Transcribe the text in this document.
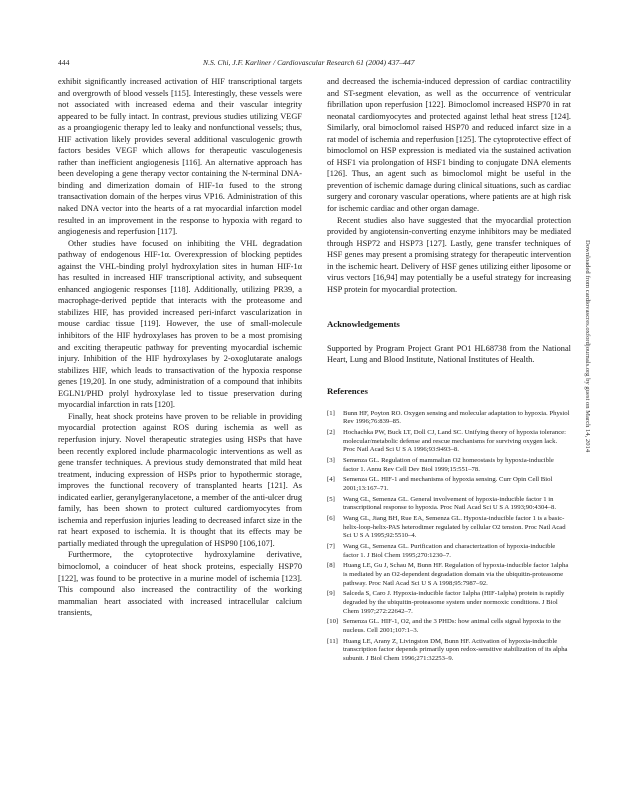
444	N.S. Chi, J.F. Karliner / Cardiovascular Research 61 (2004) 437–447

exhibit significantly increased activation of HIF transcriptional targets and overgrowth of blood vessels [115]. Interestingly, these vessels were not associated with increased edema and their vascular integrity appeared to be fully intact. In contrast, previous studies utilizing VEGF as a proangiogenic therapy led to leaky and nonfunctional vessels; thus, HIF activation likely provides several additional vasculogenic growth factors besides VEGF which allows for therapeutic vasculogenesis rather than inefficient angiogenesis [116]. An alternative approach has been developing a gene therapy vector containing the N-terminal DNA-binding and dimerization domain of HIF-1α fused to the strong transactivation domain of the herpes virus VP16. Administration of this naked DNA vector into the hearts of a rat myocardial infarction model resulted in an improvement in the response to hypoxia with regard to angiogenesis and reperfusion [117].

Other studies have focused on inhibiting the VHL degradation pathway of endogenous HIF-1α. Overexpression of blocking peptides against the VHL-binding prolyl hydroxylation sites in human HIF-1α has resulted in increased HIF transcriptional activity, and subsequent enhanced angiogenic responses [118]. Additionally, utilizing PR39, a macrophage-derived peptide that interacts with the proteasome and stabilizes HIF, has provided increased peri-infarct vascularization in mouse cardiac tissue [119]. However, the use of small-molecule inhibitors of the HIF hydroxylases has proven to be a most promising and exciting therapeutic pathway for preventing myocardial ischemic injury. Inhibition of the HIF hydroxylases by 2-oxoglutarate analogs stabilizes HIF, which leads to transactivation of the hypoxia response genes [19,20]. In one study, administration of a compound that inhibits EGLN1/PHD prolyl hydroxylase led to tissue preservation during myocardial infarction in rats [120].

Finally, heat shock proteins have proven to be reliable in providing myocardial protection against ROS during ischemia as well as reperfusion injury. Novel therapeutic strategies using HSPs that have been recently explored include pharmacologic interventions as well as gene transfer techniques. A previous study demonstrated that mild heat treatment, inducing expression of HSPs prior to hypothermic storage, improves the functional recovery of transplanted hearts [121]. As indicated earlier, geranylgeranylacetone, a member of the anti-ulcer drug family, has been shown to protect cultured cardiomyocytes from ischemia and reperfusion injuries leading to decreased infarct size in the rat heart exposed to ischemia. It is thought that its effects may be partially mediated through the upregulation of HSP90 [106,107].

Furthermore, the cytoprotective hydroxylamine derivative, bimoclomol, a coinducer of heat shock proteins, especially HSP70 [122], was found to be protective in a murine model of ischemia [123]. This compound also increased the contractility of the working mammalian heart associated with increased intracellular calcium transients,

and decreased the ischemia-induced depression of cardiac contractility and ST-segment elevation, as well as the occurrence of ventricular fibrillation upon reperfusion [122]. Bimoclomol increased HSP70 in rat neonatal cardiomyocytes and protected against lethal heat stress [124]. Similarly, oral bimoclomol raised HSP70 and reduced infarct size in a rat model of ischemia and reperfusion [125]. The cytoprotective effect of bimoclomol on HSP expression is mediated via the sustained activation of HSF1 via prolongation of HSF1 binding to conjugate DNA elements [126]. Thus, an agent such as bimoclomol might be useful in the prevention of ischemic damage during clinical situations, such as cardiac surgery and coronary vascular operations, where patients are at high risk for ischemic cardiac and other organ damage.

Recent studies also have suggested that the myocardial protection provided by angiotensin-converting enzyme inhibitors may be mediated through HSP72 and HSP73 [127]. Lastly, gene transfer techniques of HSF genes may present a promising strategy for therapeutic intervention in the ischemic heart. Delivery of HSF genes utilizing either liposome or virus vectors [16,94] may potentially be a useful strategy for increasing HSP protein for myocardial protection.

Acknowledgements

Supported by Program Project Grant PO1 HL68738 from the National Heart, Lung and Blood Institute, National Institutes of Health.

References
[1]	Bunn HF, Poyton RO. Oxygen sensing and molecular adaptation to hypoxia. Physiol Rev 1996;76:839–85.
[2]	Hochachka PW, Buck LT, Doll CJ, Land SC. Unifying theory of hypoxia tolerance: molecular/metabolic defense and rescue mechanisms for surviving oxygen lack. Proc Natl Acad Sci U S A 1996;93:9493–8.
[3]	Semenza GL. Regulation of mammalian O2 homeostasis by hypoxia-inducible factor 1. Annu Rev Cell Dev Biol 1999;15:551–78.
[4]	Semenza GL. HIF-1 and mechanisms of hypoxia sensing. Curr Opin Cell Biol 2001;13:167–71.
[5]	Wang GL, Semenza GL. General involvement of hypoxia-inducible factor 1 in transcriptional response to hypoxia. Proc Natl Acad Sci U S A 1993;90:4304–8.
[6]	Wang GL, Jiang BH, Rue EA, Semenza GL. Hypoxia-inducible factor 1 is a basic-helix-loop-helix-PAS heterodimer regulated by cellular O2 tension. Proc Natl Acad Sci U S A 1995;92:5510–4.
[7]	Wang GL, Semenza GL. Purification and characterization of hypoxia-inducible factor 1. J Biol Chem 1995;270:1230–7.
[8]	Huang LE, Gu J, Schau M, Bunn HF. Regulation of hypoxia-inducible factor 1alpha is mediated by an O2-dependent degradation domain via the ubiquitin-proteasome pathway. Proc Natl Acad Sci U S A 1998;95:7987–92.
[9]	Salceda S, Caro J. Hypoxia-inducible factor 1alpha (HIF-1alpha) protein is rapidly degraded by the ubiquitin-proteasome system under normoxic conditions. J Biol Chem 1997;272:22642–7.
[10] Semenza GL. HIF-1, O2, and the 3 PHDs: how animal cells signal hypoxia to the nucleus. Cell 2001;107:1–3.
[11] Huang LE, Arany Z, Livingston DM, Bunn HF. Activation of hypoxia-inducible transcription factor depends primarily upon redox-sensitive stabilization of its alpha subunit. J Biol Chem 1996;271:32253–9.
Downloaded from cardiovascres.oxfordjournals.org by guest on March 14, 2014
